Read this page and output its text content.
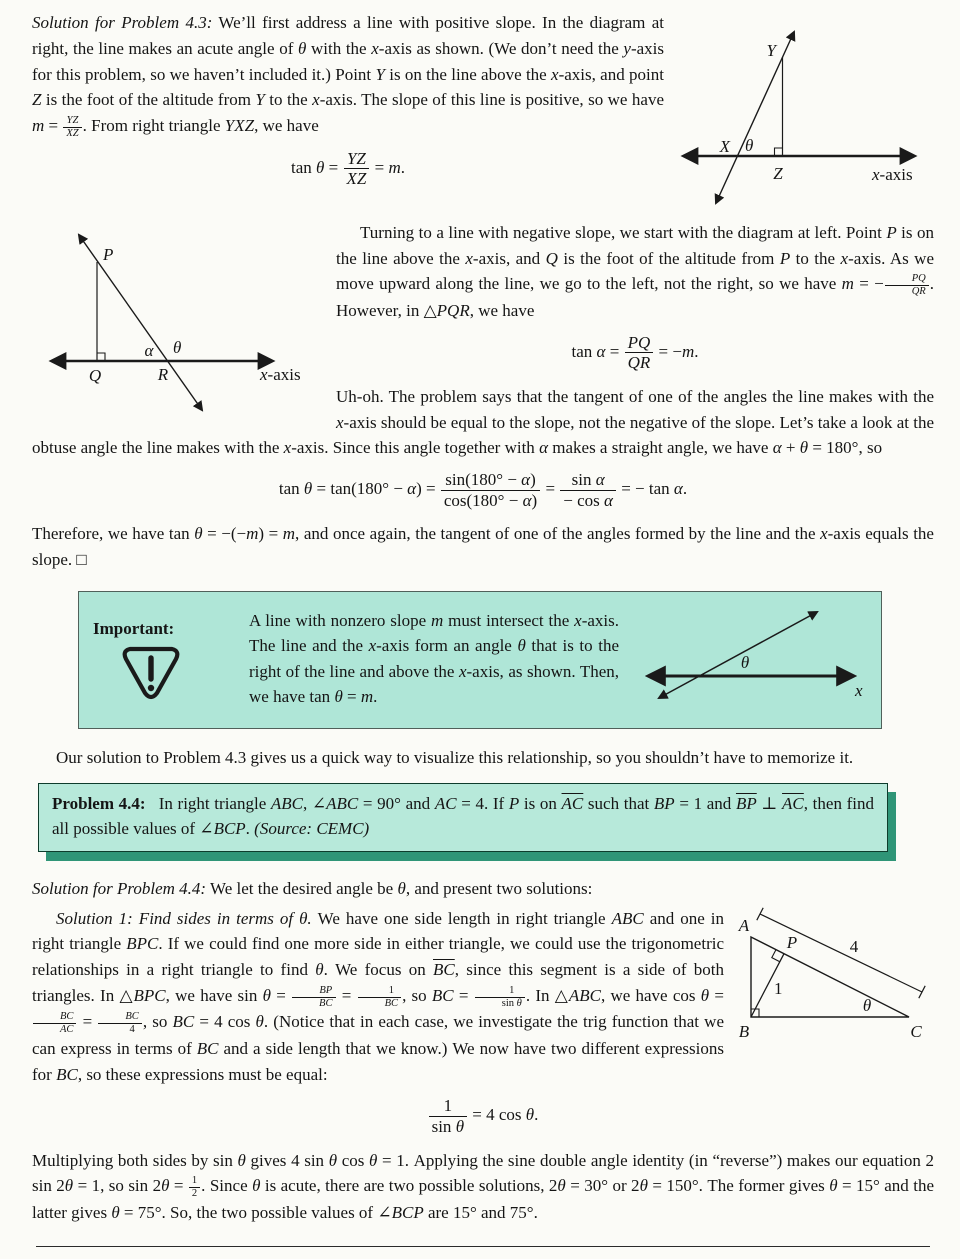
Y
X θ
Z	x-axis

Solution for Problem 4.3: We’ll first address a line with positive slope. In the diagram at right, the line makes an acute angle of θ with the x-axis as shown. (We don’t need the y-axis for this problem, so we haven’t included it.) Point Y is on the line above the x-axis, and point Z is the foot of the altitude from Y to the x-axis. The slope of this line is positive, so we have $m = \frac{YZ}{XZ}$ . From right triangle YXZ, we have

$\tan \theta = \frac{YZ}{XZ} = m$.
P
α θ
Q	R	x-axis

Turning to a line with negative slope, we start with the diagram at left. Point P is on the line above the x-axis, and Q is the foot of the altitude from P to the x-axis. As we move upward along the line, we go to the left, not the right, so we have m = − $\frac{PQ}{QR}$ . However, in △PQR, we have

$\tan \alpha = \frac{PQ}{QR} = -m$.

Uh-oh. The problem says that the tangent of one of the angles the line makes with the x-axis should be equal to the slope, not the negative of the slope. Let’s take a look at the obtuse angle the line makes with the x-axis. Since this angle together with α makes a straight angle, we have α + θ = 180°, so

$\tan \theta = \tan(180^\circ - \alpha) = \frac{\sin(180^\circ - \alpha)}{\cos(180^\circ - \alpha)} = \frac{\text{sin α}}{\text{− cos α}}$ = − tan α.

Therefore, we have tan θ = −(−m) = m, and once again, the tangent of one of the angles formed by the line and the x-axis equals the slope. □

Important:	A line with nonzero slope m must intersect the x-axis. The line and the x-axis form an angle θ that is to the right of the line and above the x-axis, as shown. Then, we have tan θ = m.
θ
x

Our solution to Problem 4.3 gives us a quick way to visualize this relationship, so you shouldn’t have to memorize it.

Problem 4.4:  In right triangle ABC, ∠ABC = 90° and AC = 4. If P is on $\overline{AC}$ such that BP = 1 and $\overline{BP}$ ⊥ $\overline{AC}$, then find all possible values of ∠BCP. (Source: CEMC)

Solution for Problem 4.4: We let the desired angle be θ, and present two solutions:

A
B	C
P
1
4
θ

Solution 1: Find sides in terms of θ. We have one side length in right triangle ABC and one in right triangle BPC. If we could find one more side in either triangle, we could use the trigonometric relationships in a right triangle to find θ. We focus on $\overline{BC}$, since this segment is a side of both triangles. In △BPC, we have $\sin \theta = \frac{BP}{BC} = \frac{1}{BC}$ , so BC = $\frac{1}{\text{sin θ}}$ . In △ABC, we have cos θ =
$\frac{BC}{AC} = \frac{BC}{4}$ , so BC = 4 cos θ. (Notice that in each case, we investigate the trig function that we can express in terms of BC and a side length that we know.) We now have two different expressions for BC, so these expressions must be equal:

$\frac{1}{\text{sin θ}} = 4$ cos θ.

Multiplying both sides by sin θ gives 4 sin θ cos θ = 1. Applying the sine double angle identity (in “reverse”) makes our equation 2 sin 2θ = 1, so $\sin 2\theta = \frac{1}{2}$ . Since θ is acute, there are two possible solutions, 2θ = 30° or 2θ = 150°. The former gives θ = 15° and the latter gives θ = 75°. So, the two possible values of ∠BCP are 15° and 75°.
